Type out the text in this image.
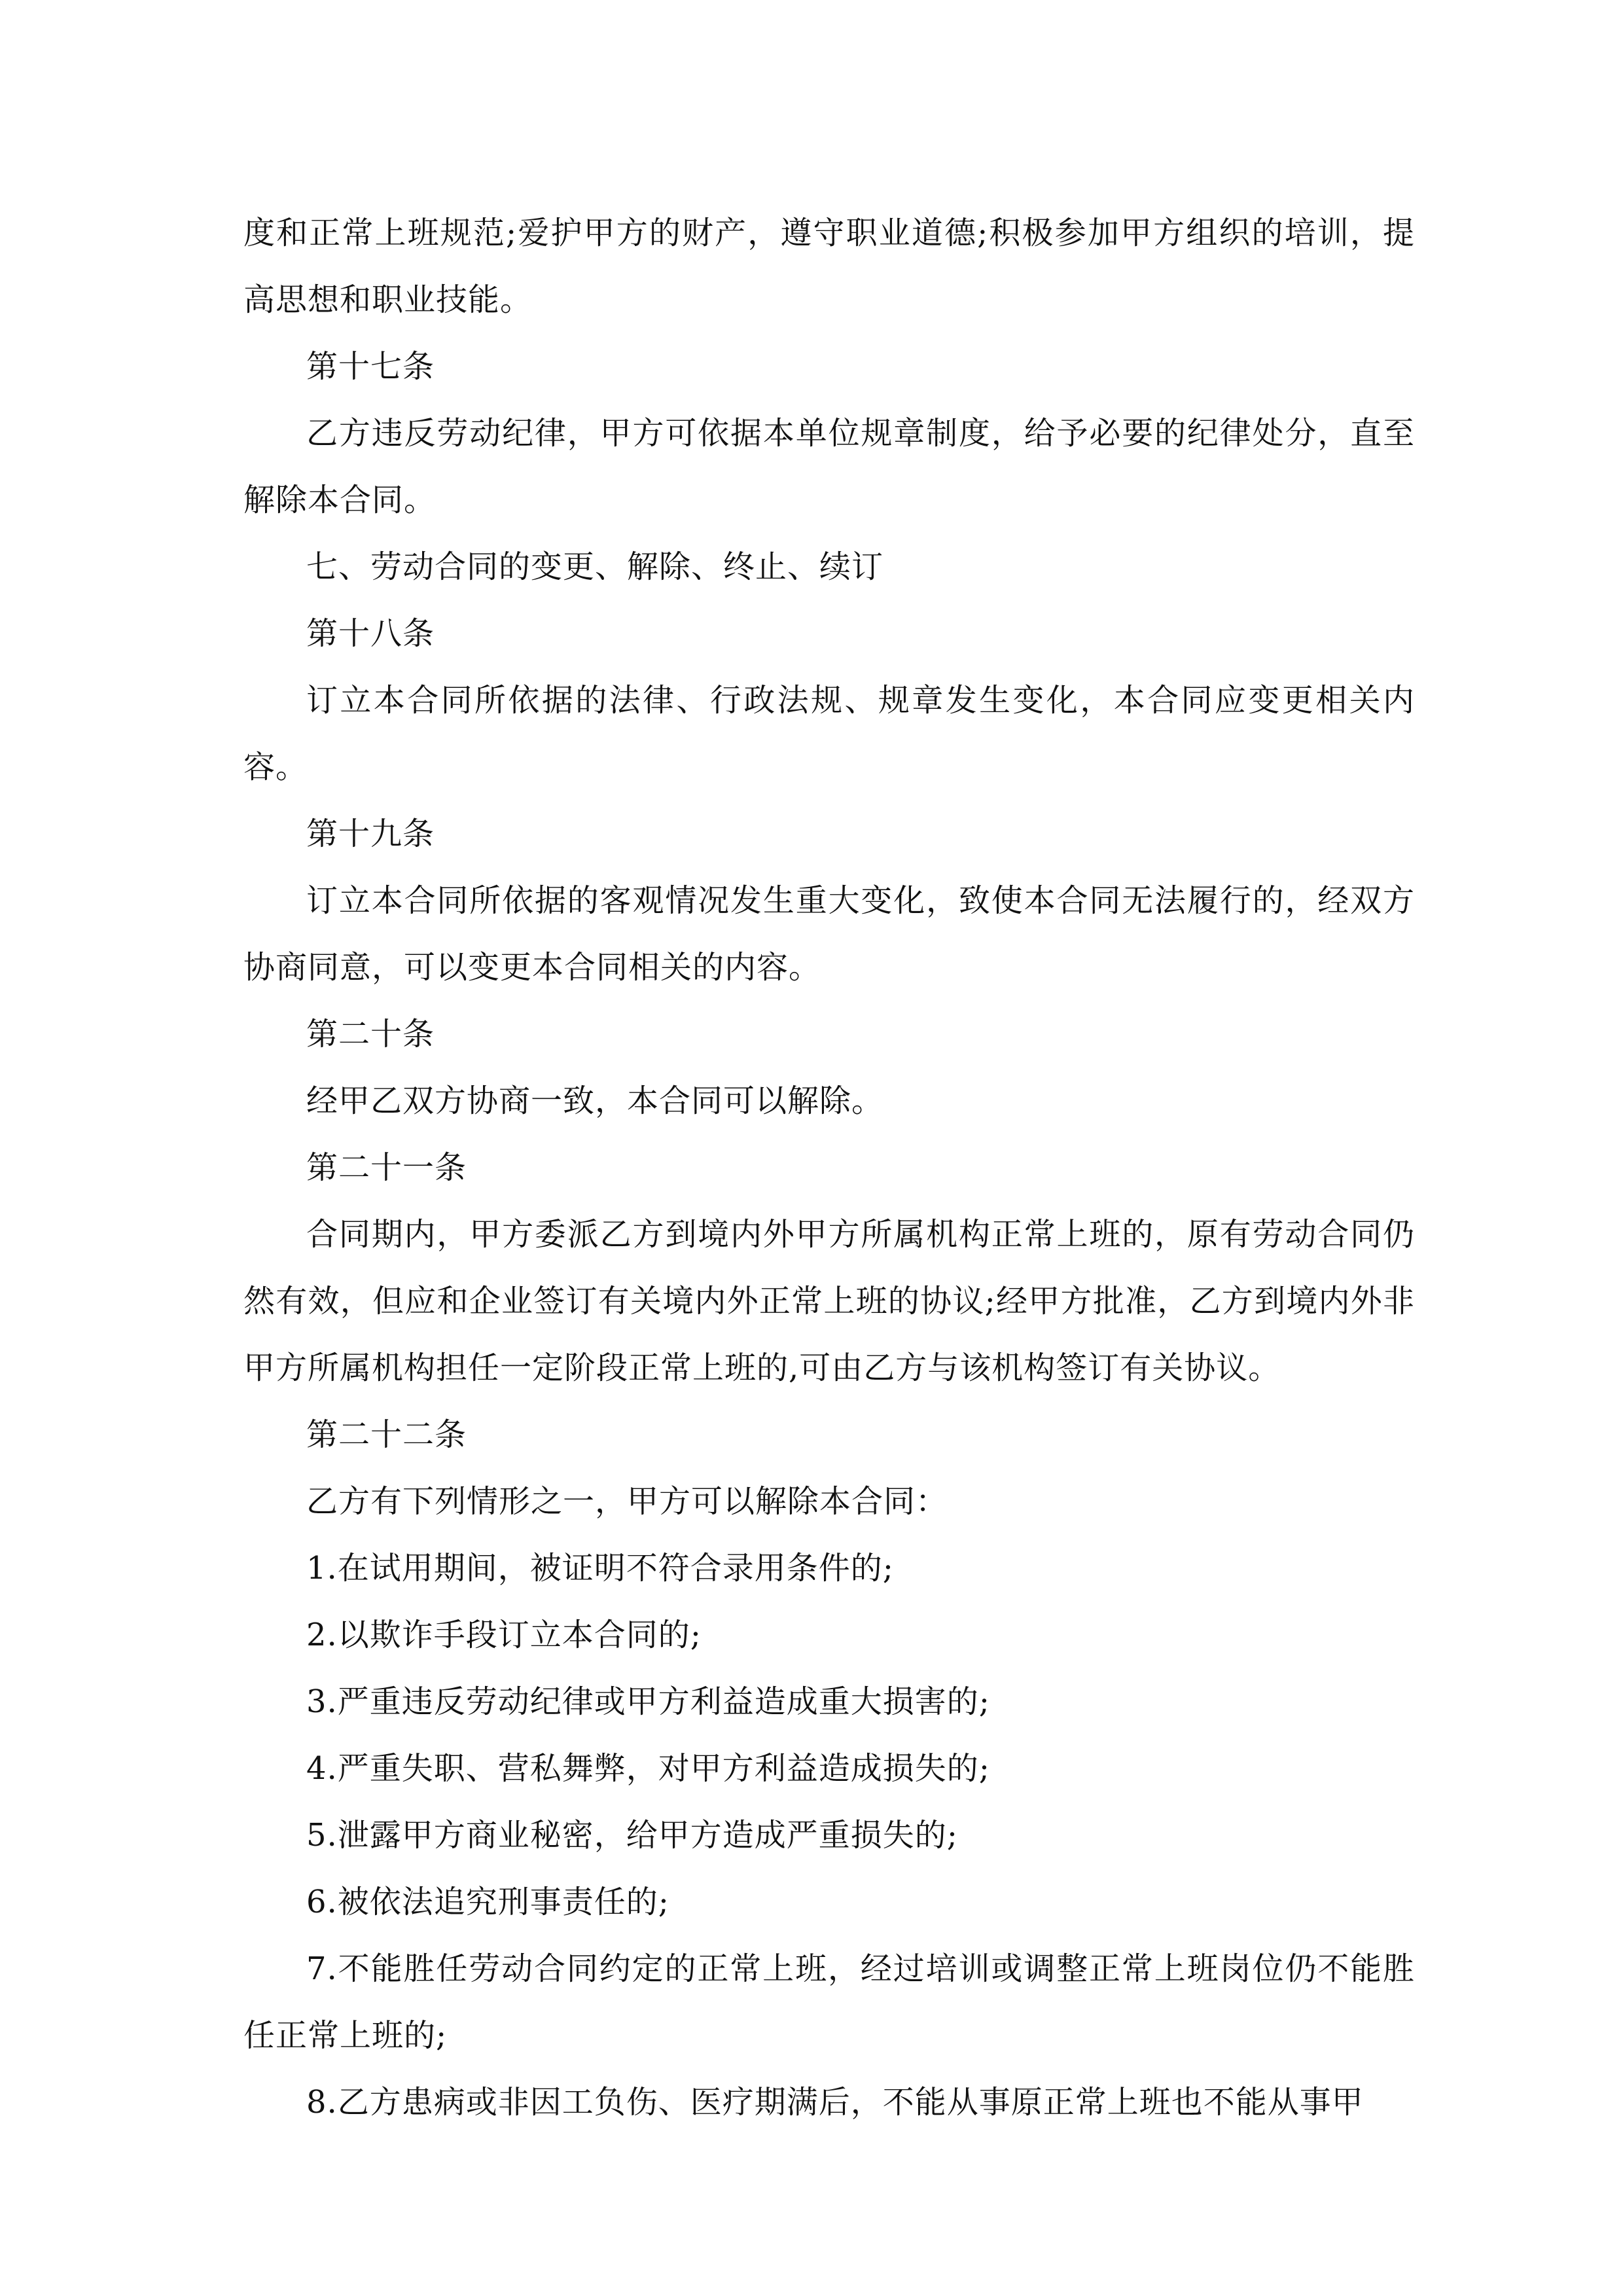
度和正常上班规范;爱护甲方的财产，遵守职业道德;积极参加甲方组织的培训，提高思想和职业技能。

第十七条

乙方违反劳动纪律，甲方可依据本单位规章制度，给予必要的纪律处分，直至解除本合同。

七、劳动合同的变更、解除、终止、续订

第十八条

订立本合同所依据的法律、行政法规、规章发生变化，本合同应变更相关内容。

第十九条

订立本合同所依据的客观情况发生重大变化，致使本合同无法履行的，经双方协商同意，可以变更本合同相关的内容。

第二十条

经甲乙双方协商一致，本合同可以解除。

第二十一条

合同期内，甲方委派乙方到境内外甲方所属机构正常上班的，原有劳动合同仍然有效，但应和企业签订有关境内外正常上班的协议;经甲方批准，乙方到境内外非甲方所属机构担任一定阶段正常上班的,可由乙方与该机构签订有关协议。

第二十二条

乙方有下列情形之一，甲方可以解除本合同：

1.在试用期间，被证明不符合录用条件的;

2.以欺诈手段订立本合同的;

3.严重违反劳动纪律或甲方利益造成重大损害的;

4.严重失职、营私舞弊，对甲方利益造成损失的;

5.泄露甲方商业秘密，给甲方造成严重损失的;

6.被依法追究刑事责任的;

7.不能胜任劳动合同约定的正常上班，经过培训或调整正常上班岗位仍不能胜任正常上班的;

8.乙方患病或非因工负伤、医疗期满后，不能从事原正常上班也不能从事甲
